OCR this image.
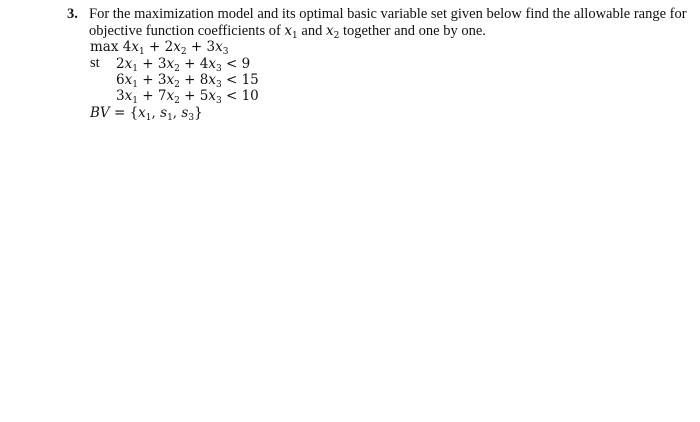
3. For the maximization model and its optimal basic variable set given below find the allowable range for
objective function coefficients of $x_1$ and $x_2$ together and one by one.
$\max 4x_1 + 2x_2 + 3x_3$
st $2x_1 + 3x_2 + 4x_3 < 9$
$6x_1 + 3x_2 + 8x_3 < 15$
$3x_1 + 7x_2 + 5x_3 < 10$
BV = {$x_1$, $s_1$, $s_3$}
